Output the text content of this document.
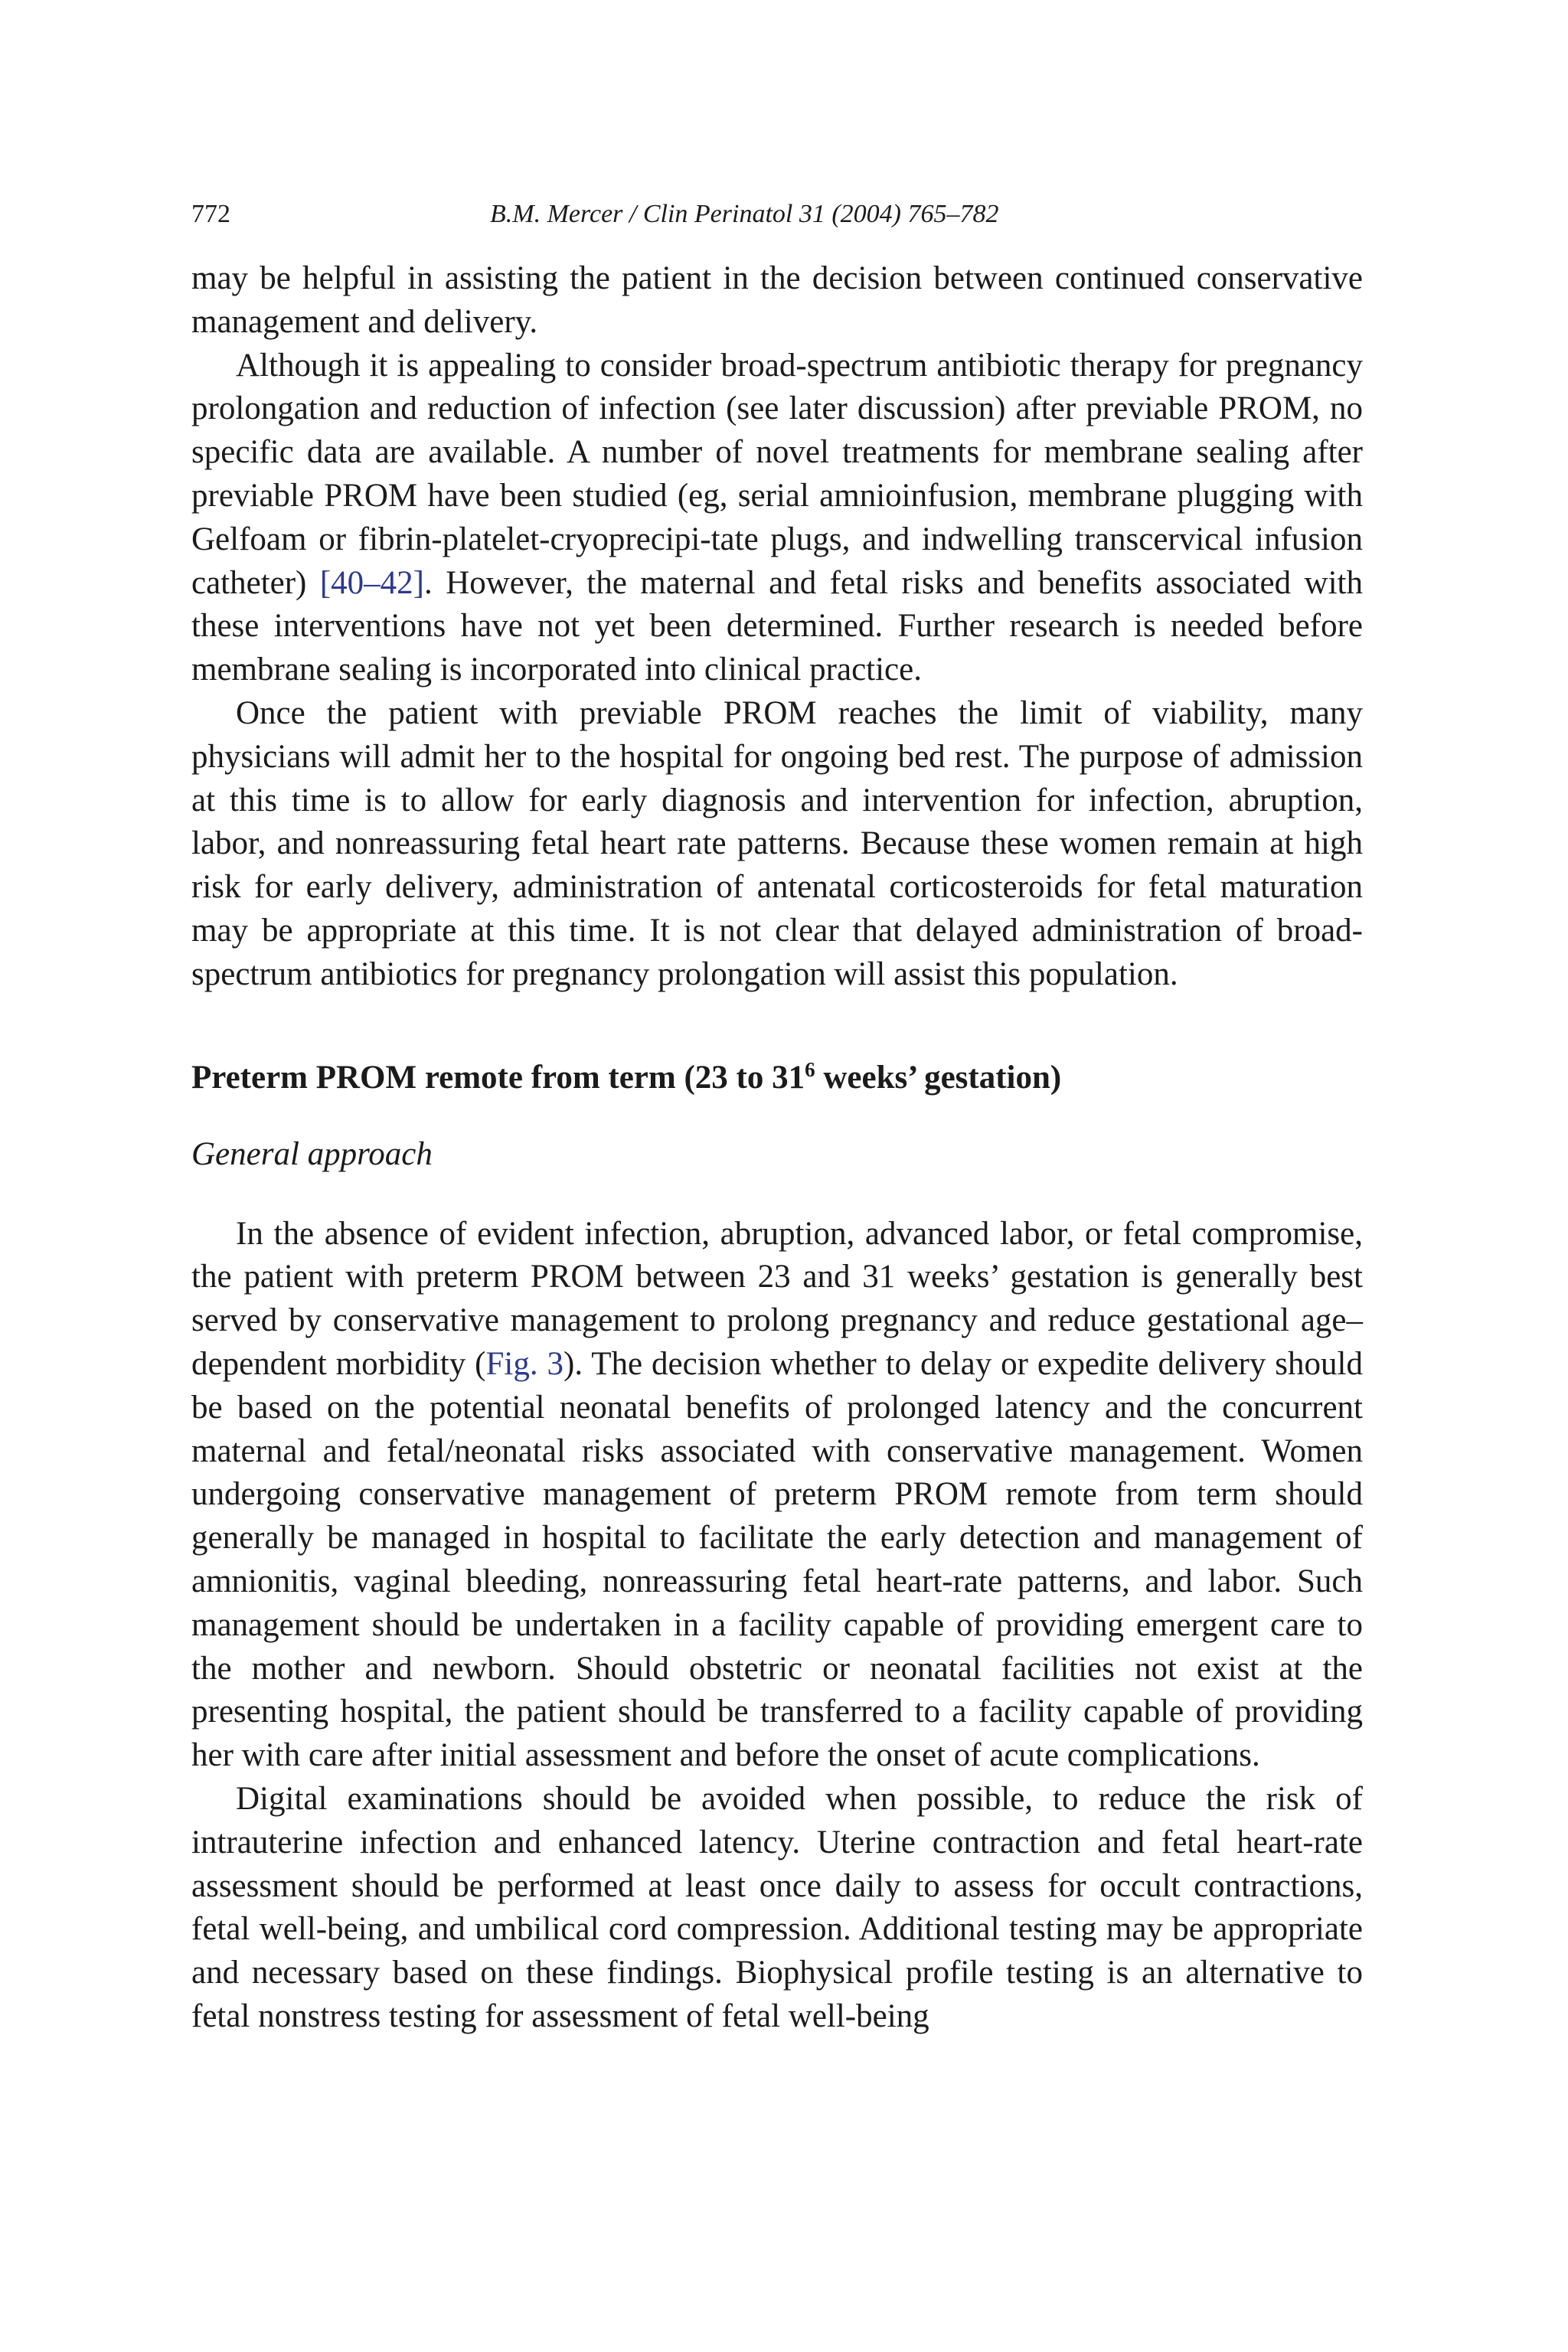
772	B.M. Mercer / Clin Perinatol 31 (2004) 765–782

may be helpful in assisting the patient in the decision between continued conservative management and delivery.

Although it is appealing to consider broad-spectrum antibiotic therapy for pregnancy prolongation and reduction of infection (see later discussion) after previable PROM, no specific data are available. A number of novel treatments for membrane sealing after previable PROM have been studied (eg, serial amnioinfusion, membrane plugging with Gelfoam or fibrin-platelet-cryoprecipi-tate plugs, and indwelling transcervical infusion catheter) [40–42]. However, the maternal and fetal risks and benefits associated with these interventions have not yet been determined. Further research is needed before membrane sealing is incorporated into clinical practice.

Once the patient with previable PROM reaches the limit of viability, many physicians will admit her to the hospital for ongoing bed rest. The purpose of admission at this time is to allow for early diagnosis and intervention for infection, abruption, labor, and nonreassuring fetal heart rate patterns. Because these women remain at high risk for early delivery, administration of antenatal corticosteroids for fetal maturation may be appropriate at this time. It is not clear that delayed administration of broad-spectrum antibiotics for pregnancy prolongation will assist this population.

Preterm PROM remote from term (23 to $31^6$ weeks’ gestation)
General approach

In the absence of evident infection, abruption, advanced labor, or fetal compromise, the patient with preterm PROM between 23 and 31 weeks’ gestation is generally best served by conservative management to prolong pregnancy and reduce gestational age–dependent morbidity (Fig. 3). The decision whether to delay or expedite delivery should be based on the potential neonatal benefits of prolonged latency and the concurrent maternal and fetal/neonatal risks associated with conservative management. Women undergoing conservative management of preterm PROM remote from term should generally be managed in hospital to facilitate the early detection and management of amnionitis, vaginal bleeding, nonreassuring fetal heart-rate patterns, and labor. Such management should be undertaken in a facility capable of providing emergent care to the mother and newborn. Should obstetric or neonatal facilities not exist at the presenting hospital, the patient should be transferred to a facility capable of providing her with care after initial assessment and before the onset of acute complications.

Digital examinations should be avoided when possible, to reduce the risk of intrauterine infection and enhanced latency. Uterine contraction and fetal heart-rate assessment should be performed at least once daily to assess for occult contractions, fetal well-being, and umbilical cord compression. Additional testing may be appropriate and necessary based on these findings. Biophysical profile testing is an alternative to fetal nonstress testing for assessment of fetal well-being
